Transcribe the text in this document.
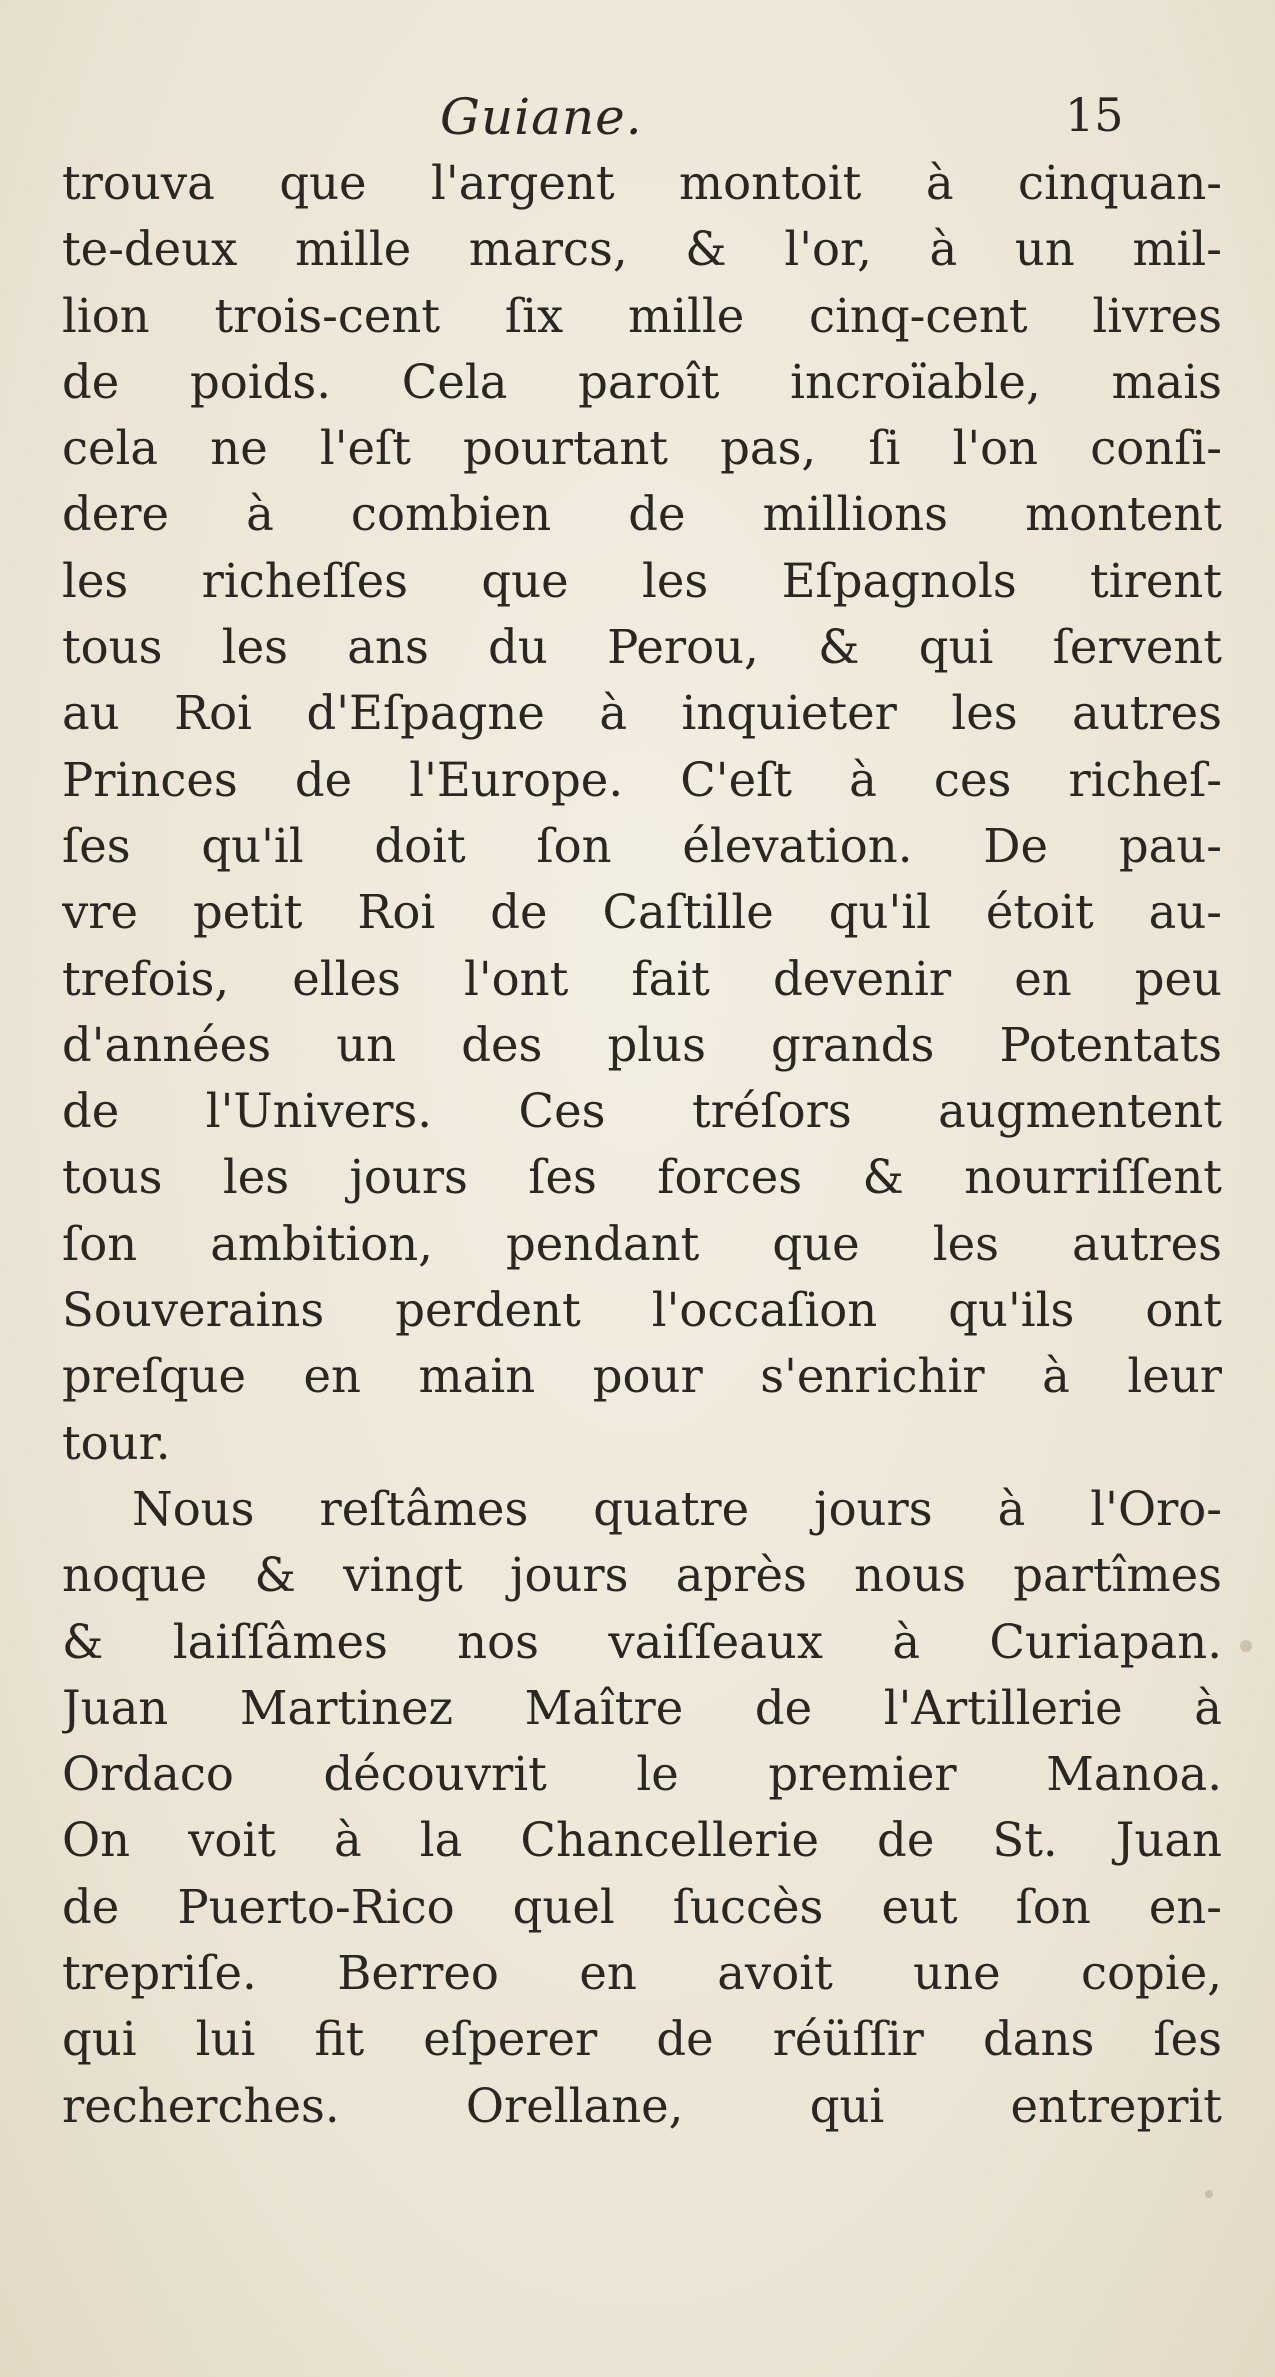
Guiane.	15
trouva que l'argent montoit à cinquan-
te-deux mille marcs, & l'or, à un mil-
lion trois-cent ſix mille cinq-cent livres
de poids. Cela paroît incroïable, mais
cela ne l'eſt pourtant pas, ſi l'on conſi-
dere à combien de millions montent
les richeſſes que les Eſpagnols tirent
tous les ans du Perou, & qui ſervent
au Roi d'Eſpagne à inquieter les autres
Princes de l'Europe. C'eſt à ces richeſ-
ſes qu'il doit ſon élevation. De pau-
vre petit Roi de Caſtille qu'il étoit au-
trefois, elles l'ont fait devenir en peu
d'années un des plus grands Potentats
de l'Univers. Ces tréſors augmentent
tous les jours ſes forces & nourriſſent
ſon ambition, pendant que les autres
Souverains perdent l'occaſion qu'ils ont
preſque en main pour s'enrichir à leur
tour.
Nous reſtâmes quatre jours à l'Oro-
noque & vingt jours après nous partîmes
& laiſſâmes nos vaiſſeaux à Curiapan.
Juan Martinez Maître de l'Artillerie à
Ordaco découvrit le premier Manoa.
On voit à la Chancellerie de St. Juan
de Puerto-Rico quel ſuccès eut ſon en-
trepriſe. Berreo en avoit une copie,
qui lui fit eſperer de réüſſir dans ſes
recherches. Orellane, qui entreprit
